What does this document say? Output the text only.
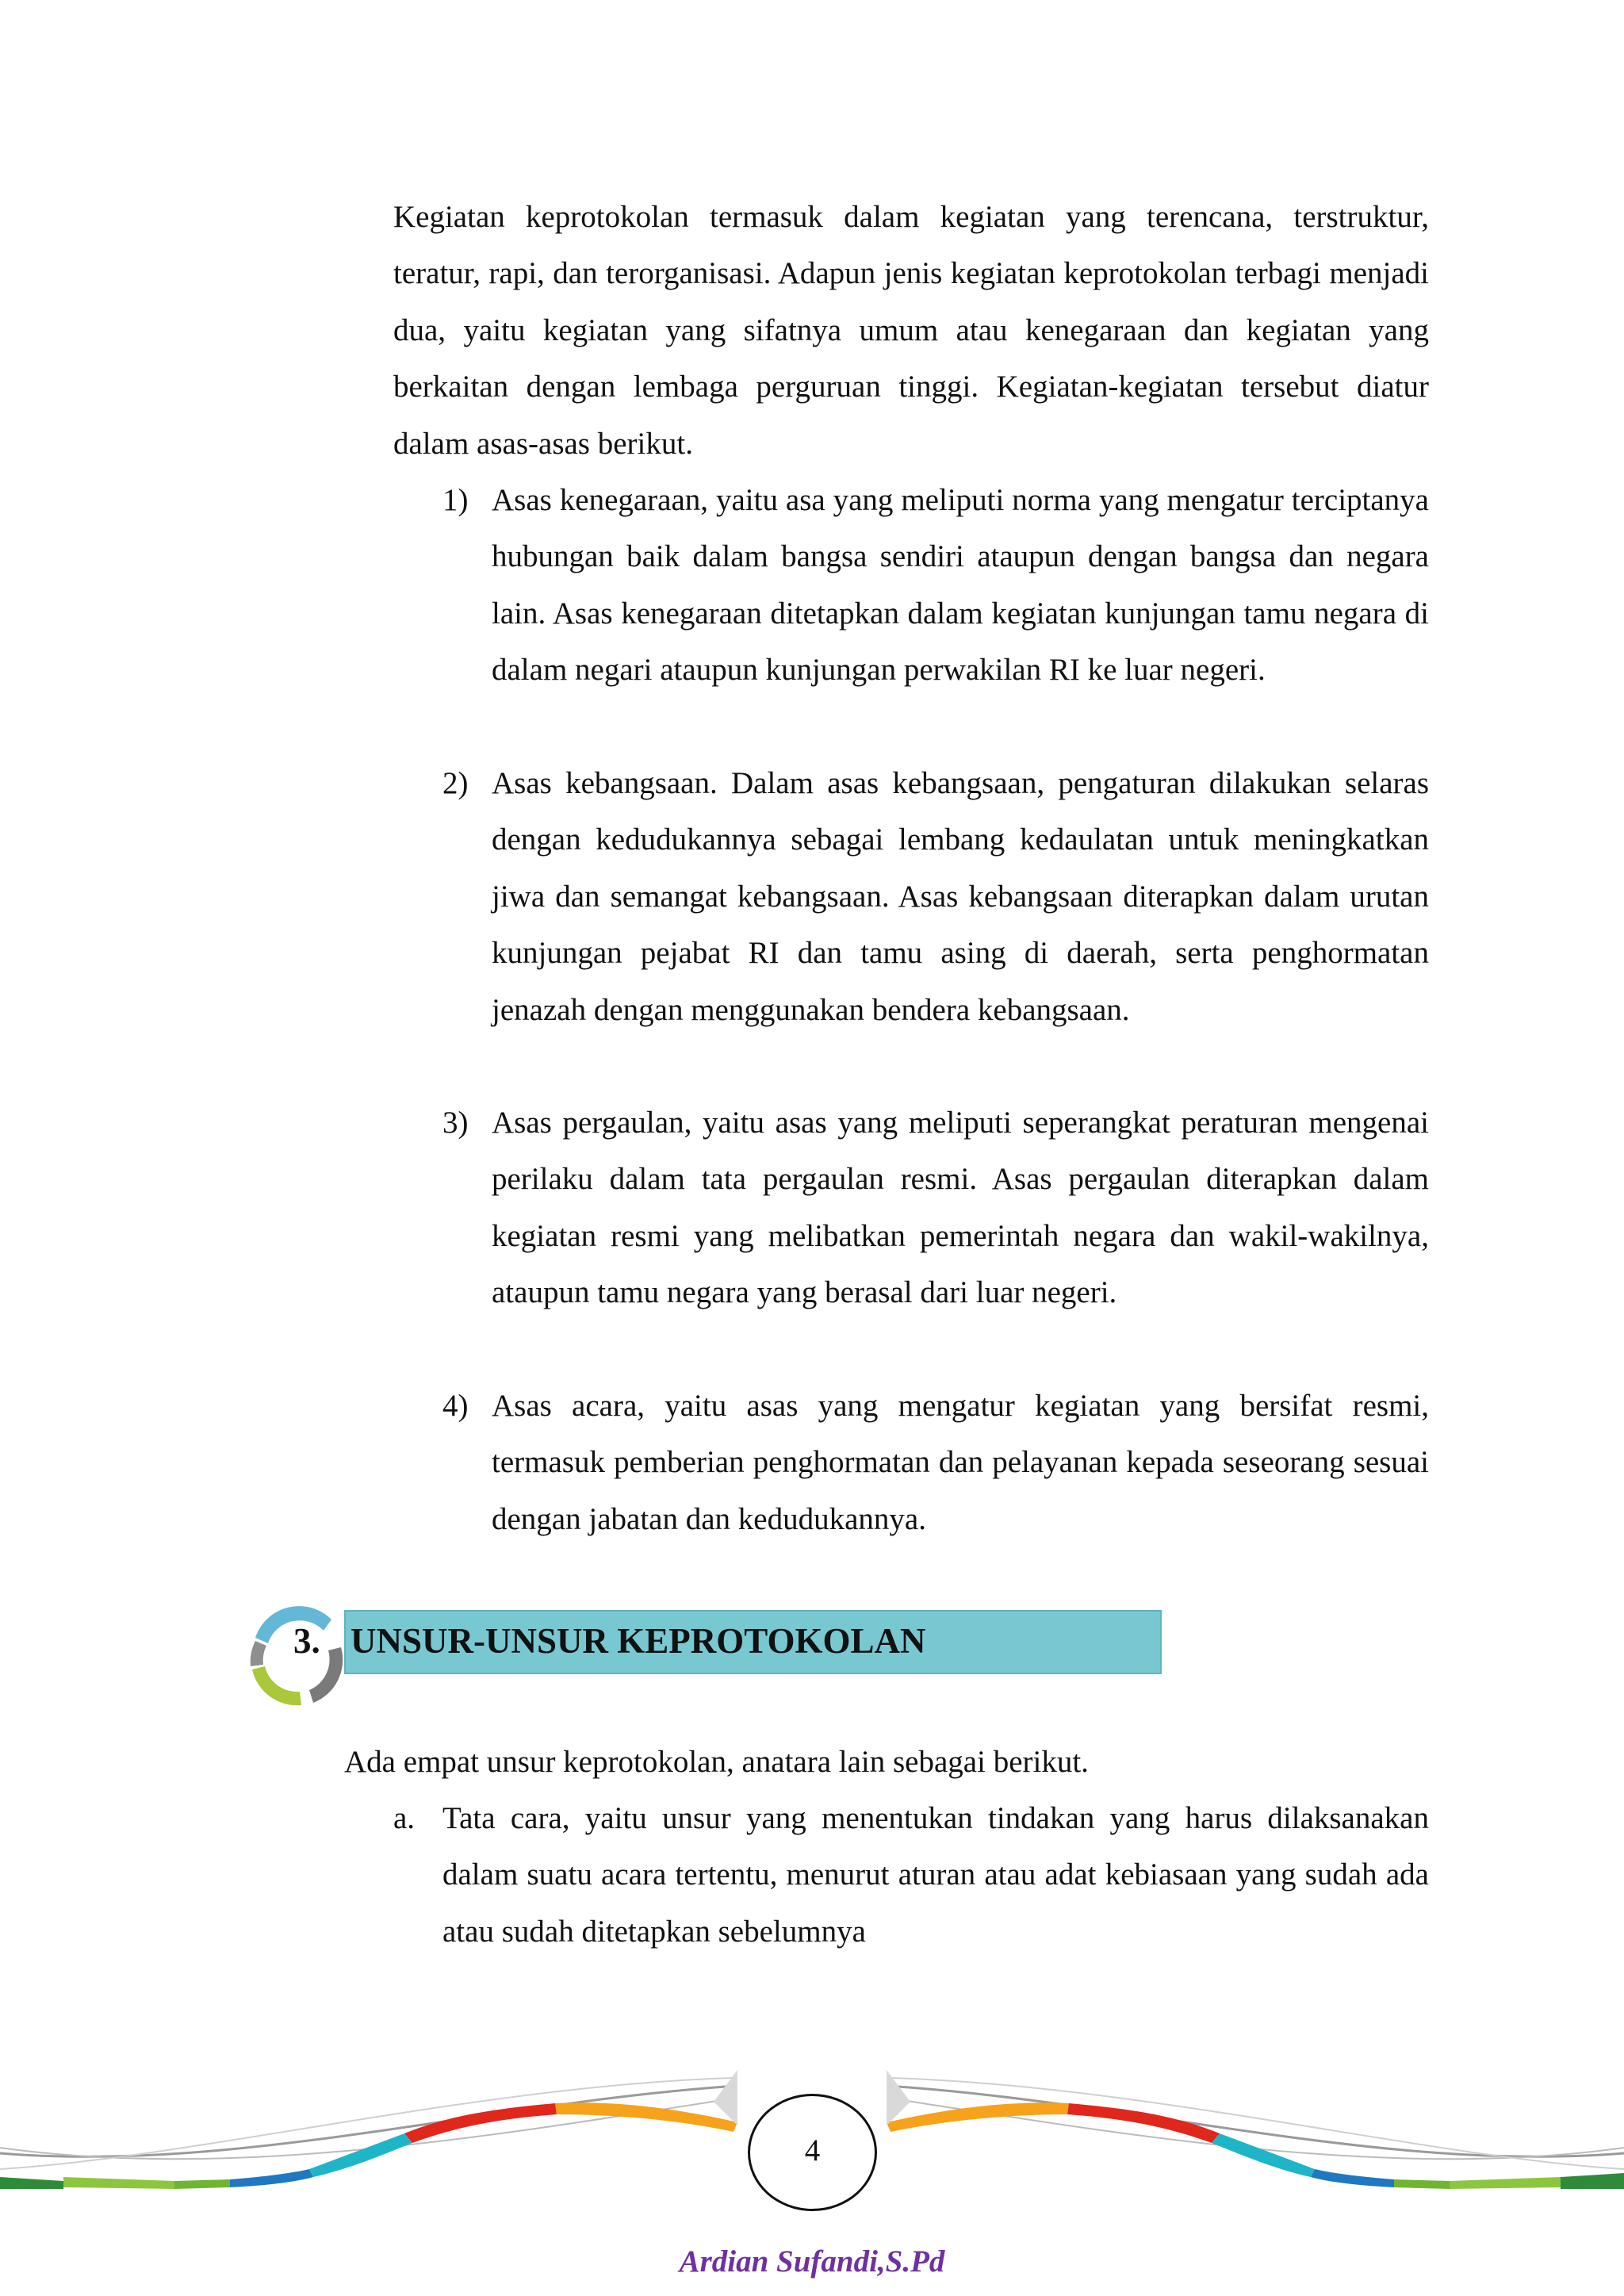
Kegiatan keprotokolan termasuk dalam kegiatan yang terencana, terstruktur, teratur, rapi, dan terorganisasi. Adapun jenis kegiatan keprotokolan terbagi menjadi dua, yaitu kegiatan yang sifatnya umum atau kenegaraan dan kegiatan yang berkaitan dengan lembaga perguruan tinggi. Kegiatan-kegiatan tersebut diatur dalam asas-asas berikut.

1) Asas kenegaraan, yaitu asa yang meliputi norma yang mengatur terciptanya hubungan baik dalam bangsa sendiri ataupun dengan bangsa dan negara lain. Asas kenegaraan ditetapkan dalam kegiatan kunjungan tamu negara di dalam negari ataupun kunjungan perwakilan RI ke luar negeri.
2) Asas kebangsaan. Dalam asas kebangsaan, pengaturan dilakukan selaras dengan kedudukannya sebagai lembang kedaulatan untuk meningkatkan jiwa dan semangat kebangsaan. Asas kebangsaan diterapkan dalam urutan kunjungan pejabat RI dan tamu asing di daerah, serta penghormatan jenazah dengan menggunakan bendera kebangsaan.
3) Asas pergaulan, yaitu asas yang meliputi seperangkat peraturan mengenai perilaku dalam tata pergaulan resmi. Asas pergaulan diterapkan dalam kegiatan resmi yang melibatkan pemerintah negara dan wakil-wakilnya, ataupun tamu negara yang berasal dari luar negeri.
4) Asas acara, yaitu asas yang mengatur kegiatan yang bersifat resmi, termasuk pemberian penghormatan dan pelayanan kepada seseorang sesuai dengan jabatan dan kedudukannya.
3. UNSUR-UNSUR KEPROTOKOLAN

Ada empat unsur keprotokolan, anatara lain sebagai berikut.

a. Tata cara, yaitu unsur yang menentukan tindakan yang harus dilaksanakan dalam suatu acara tertentu, menurut aturan atau adat kebiasaan yang sudah ada atau sudah ditetapkan sebelumnya
4
Ardian Sufandi,S.Pd
